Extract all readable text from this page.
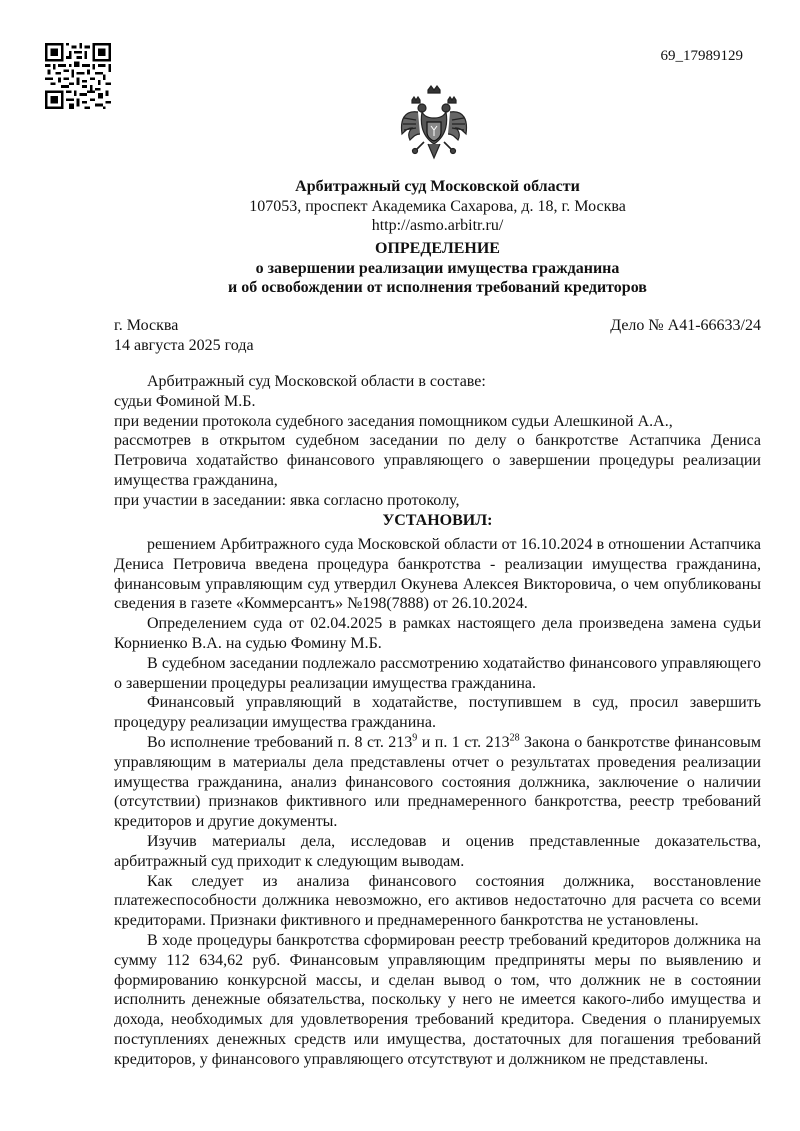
69_17989129
Арбитражный суд Московской области
107053, проспект Академика Сахарова, д. 18, г. Москва
http://asmo.arbitr.ru/
ОПРЕДЕЛЕНИЕ
о завершении реализации имущества гражданина
и об освобождении от исполнения требований кредиторов
г. Москва	Дело № А41-66633/24
14 августа 2025 года

Арбитражный суд Московской области в составе:

судьи Фоминой М.Б.

при ведении протокола судебного заседания помощником судьи Алешкиной А.А.,

рассмотрев в открытом судебном заседании по делу о банкротстве Астапчика Дениса Петровича ходатайство финансового управляющего о завершении процедуры реализации имущества гражданина,

при участии в заседании: явка согласно протоколу,

УСТАНОВИЛ:

решением Арбитражного суда Московской области от 16.10.2024 в отношении Астапчика Дениса Петровича введена процедура банкротства - реализации имущества гражданина, финансовым управляющим суд утвердил Окунева Алексея Викторовича, о чем опубликованы сведения в газете «Коммерсантъ» №198(7888) от 26.10.2024.

Определением суда от 02.04.2025 в рамках настоящего дела произведена замена судьи Корниенко В.А. на судью Фомину М.Б.

В судебном заседании подлежало рассмотрению ходатайство финансового управляющего о завершении процедуры реализации имущества гражданина.

Финансовый управляющий в ходатайстве, поступившем в суд, просил завершить процедуру реализации имущества гражданина.

Во исполнение требований п. 8 ст. $213^9$ и п. 1 ст. $213^{28}$ Закона о банкротстве финансовым управляющим в материалы дела представлены отчет о результатах проведения реализации имущества гражданина, анализ финансового состояния должника, заключение о наличии (отсутствии) признаков фиктивного или преднамеренного банкротства, реестр требований кредиторов и другие документы.

Изучив материалы дела, исследовав и оценив представленные доказательства, арбитражный суд приходит к следующим выводам.

Как следует из анализа финансового состояния должника, восстановление платежеспособности должника невозможно, его активов недостаточно для расчета со всеми кредиторами. Признаки фиктивного и преднамеренного банкротства не установлены.

В ходе процедуры банкротства сформирован реестр требований кредиторов должника на сумму 112 634,62 руб. Финансовым управляющим предприняты меры по выявлению и формированию конкурсной массы, и сделан вывод о том, что должник не в состоянии исполнить денежные обязательства, поскольку у него не имеется какого-либо имущества и дохода, необходимых для удовлетворения требований кредитора. Сведения о планируемых поступлениях денежных средств или имущества, достаточных для погашения требований кредиторов, у финансового управляющего отсутствуют и должником не представлены.
